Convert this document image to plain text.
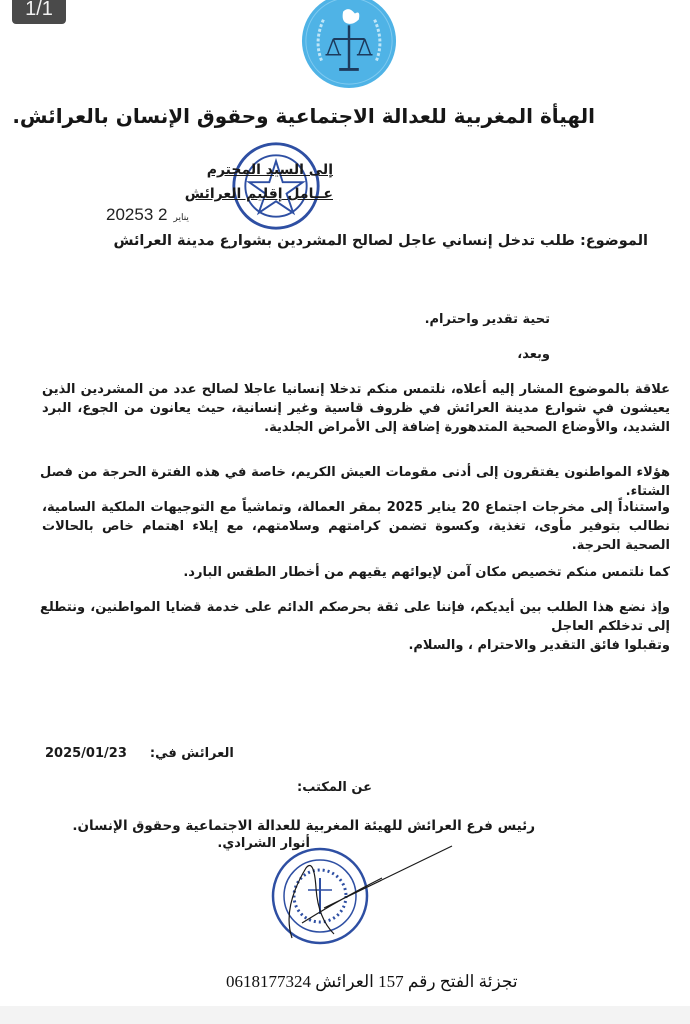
1/1
الهيأة المغربية للعدالة الاجتماعية وحقوق الإنسان بالعرائش.
إلى السيد المحترم
عــامل إقليم العرائش
2025	يناير2 3
الموضوع: طلب تدخل إنساني عاجل لصالح المشردين بشوارع مدينة العرائش
تحية تقدير واحترام.
وبعد،
علاقة بالموضوع المشار إليه أعلاه، نلتمس منكم تدخلا إنسانيا عاجلا لصالح عدد من المشردين الذين يعيشون في شوارع مدينة العرائش في ظروف قاسية وغير إنسانية، حيث يعانون من الجوع، البرد الشديد، والأوضاع الصحية المتدهورة إضافة إلى الأمراض الجلدية.
هؤلاء المواطنون يفتقرون إلى أدنى مقومات العيش الكريم، خاصة في هذه الفترة الحرجة من فصل الشتاء.
واستناداً إلى مخرجات اجتماع 20 يناير 2025 بمقر العمالة، وتماشياً مع التوجيهات الملكية السامية، نطالب بتوفير مأوى، تغذية، وكسوة تضمن كرامتهم وسلامتهم، مع إيلاء اهتمام خاص بالحالات الصحية الحرجة.
كما نلتمس منكم تخصيص مكان آمن لإيوائهم يقيهم من أخطار الطقس البارد.
وإذ نضع هذا الطلب بين أيديكم، فإننا على ثقة بحرصكم الدائم على خدمة قضايا المواطنين، ونتطلع إلى تدخلكم العاجل
وتقبلوا فائق التقدير والاحترام ، والسلام.
العرائش في:  2025/01/23
عن المكتب:
رئيس فرع العرائش للهيئة المغربية للعدالة الاجتماعية وحقوق الإنسان.
أنوار الشرادي.
تجزئة الفتح رقم 157 العرائش 0618177324
